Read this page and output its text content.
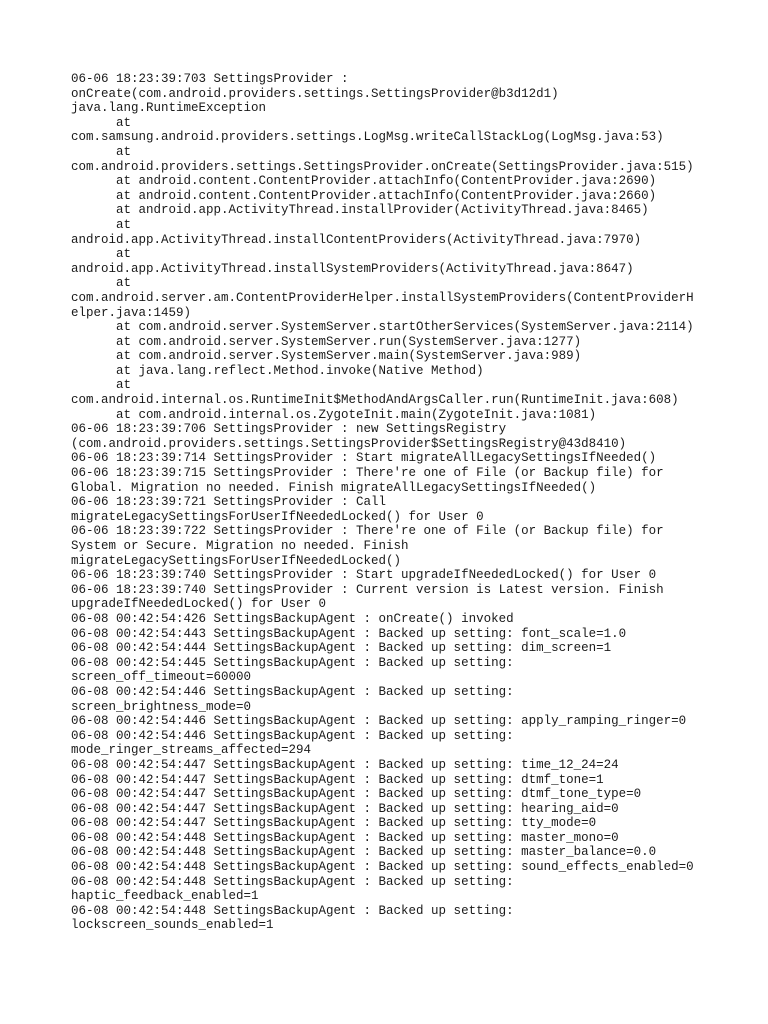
06-06 18:23:39:703 SettingsProvider :
onCreate(com.android.providers.settings.SettingsProvider@b3d12d1)
java.lang.RuntimeException
at
com.samsung.android.providers.settings.LogMsg.writeCallStackLog(LogMsg.java:53)
at
com.android.providers.settings.SettingsProvider.onCreate(SettingsProvider.java:515)
at android.content.ContentProvider.attachInfo(ContentProvider.java:2690)
at android.content.ContentProvider.attachInfo(ContentProvider.java:2660)
at android.app.ActivityThread.installProvider(ActivityThread.java:8465)
at
android.app.ActivityThread.installContentProviders(ActivityThread.java:7970)
at
android.app.ActivityThread.installSystemProviders(ActivityThread.java:8647)
at
com.android.server.am.ContentProviderHelper.installSystemProviders(ContentProviderH
elper.java:1459)
at com.android.server.SystemServer.startOtherServices(SystemServer.java:2114)
at com.android.server.SystemServer.run(SystemServer.java:1277)
at com.android.server.SystemServer.main(SystemServer.java:989)
at java.lang.reflect.Method.invoke(Native Method)
at
com.android.internal.os.RuntimeInit$MethodAndArgsCaller.run(RuntimeInit.java:608)
at com.android.internal.os.ZygoteInit.main(ZygoteInit.java:1081)
06-06 18:23:39:706 SettingsProvider : new SettingsRegistry
(com.android.providers.settings.SettingsProvider$SettingsRegistry@43d8410)
06-06 18:23:39:714 SettingsProvider : Start migrateAllLegacySettingsIfNeeded()
06-06 18:23:39:715 SettingsProvider : There're one of File (or Backup file) for
Global. Migration no needed. Finish migrateAllLegacySettingsIfNeeded()
06-06 18:23:39:721 SettingsProvider : Call
migrateLegacySettingsForUserIfNeededLocked() for User 0
06-06 18:23:39:722 SettingsProvider : There're one of File (or Backup file) for
System or Secure. Migration no needed. Finish
migrateLegacySettingsForUserIfNeededLocked()
06-06 18:23:39:740 SettingsProvider : Start upgradeIfNeededLocked() for User 0
06-06 18:23:39:740 SettingsProvider : Current version is Latest version. Finish
upgradeIfNeededLocked() for User 0
06-08 00:42:54:426 SettingsBackupAgent : onCreate() invoked
06-08 00:42:54:443 SettingsBackupAgent : Backed up setting: font_scale=1.0
06-08 00:42:54:444 SettingsBackupAgent : Backed up setting: dim_screen=1
06-08 00:42:54:445 SettingsBackupAgent : Backed up setting:
screen_off_timeout=60000
06-08 00:42:54:446 SettingsBackupAgent : Backed up setting:
screen_brightness_mode=0
06-08 00:42:54:446 SettingsBackupAgent : Backed up setting: apply_ramping_ringer=0
06-08 00:42:54:446 SettingsBackupAgent : Backed up setting:
mode_ringer_streams_affected=294
06-08 00:42:54:447 SettingsBackupAgent : Backed up setting: time_12_24=24
06-08 00:42:54:447 SettingsBackupAgent : Backed up setting: dtmf_tone=1
06-08 00:42:54:447 SettingsBackupAgent : Backed up setting: dtmf_tone_type=0
06-08 00:42:54:447 SettingsBackupAgent : Backed up setting: hearing_aid=0
06-08 00:42:54:447 SettingsBackupAgent : Backed up setting: tty_mode=0
06-08 00:42:54:448 SettingsBackupAgent : Backed up setting: master_mono=0
06-08 00:42:54:448 SettingsBackupAgent : Backed up setting: master_balance=0.0
06-08 00:42:54:448 SettingsBackupAgent : Backed up setting: sound_effects_enabled=0
06-08 00:42:54:448 SettingsBackupAgent : Backed up setting:
haptic_feedback_enabled=1
06-08 00:42:54:448 SettingsBackupAgent : Backed up setting:
lockscreen_sounds_enabled=1
